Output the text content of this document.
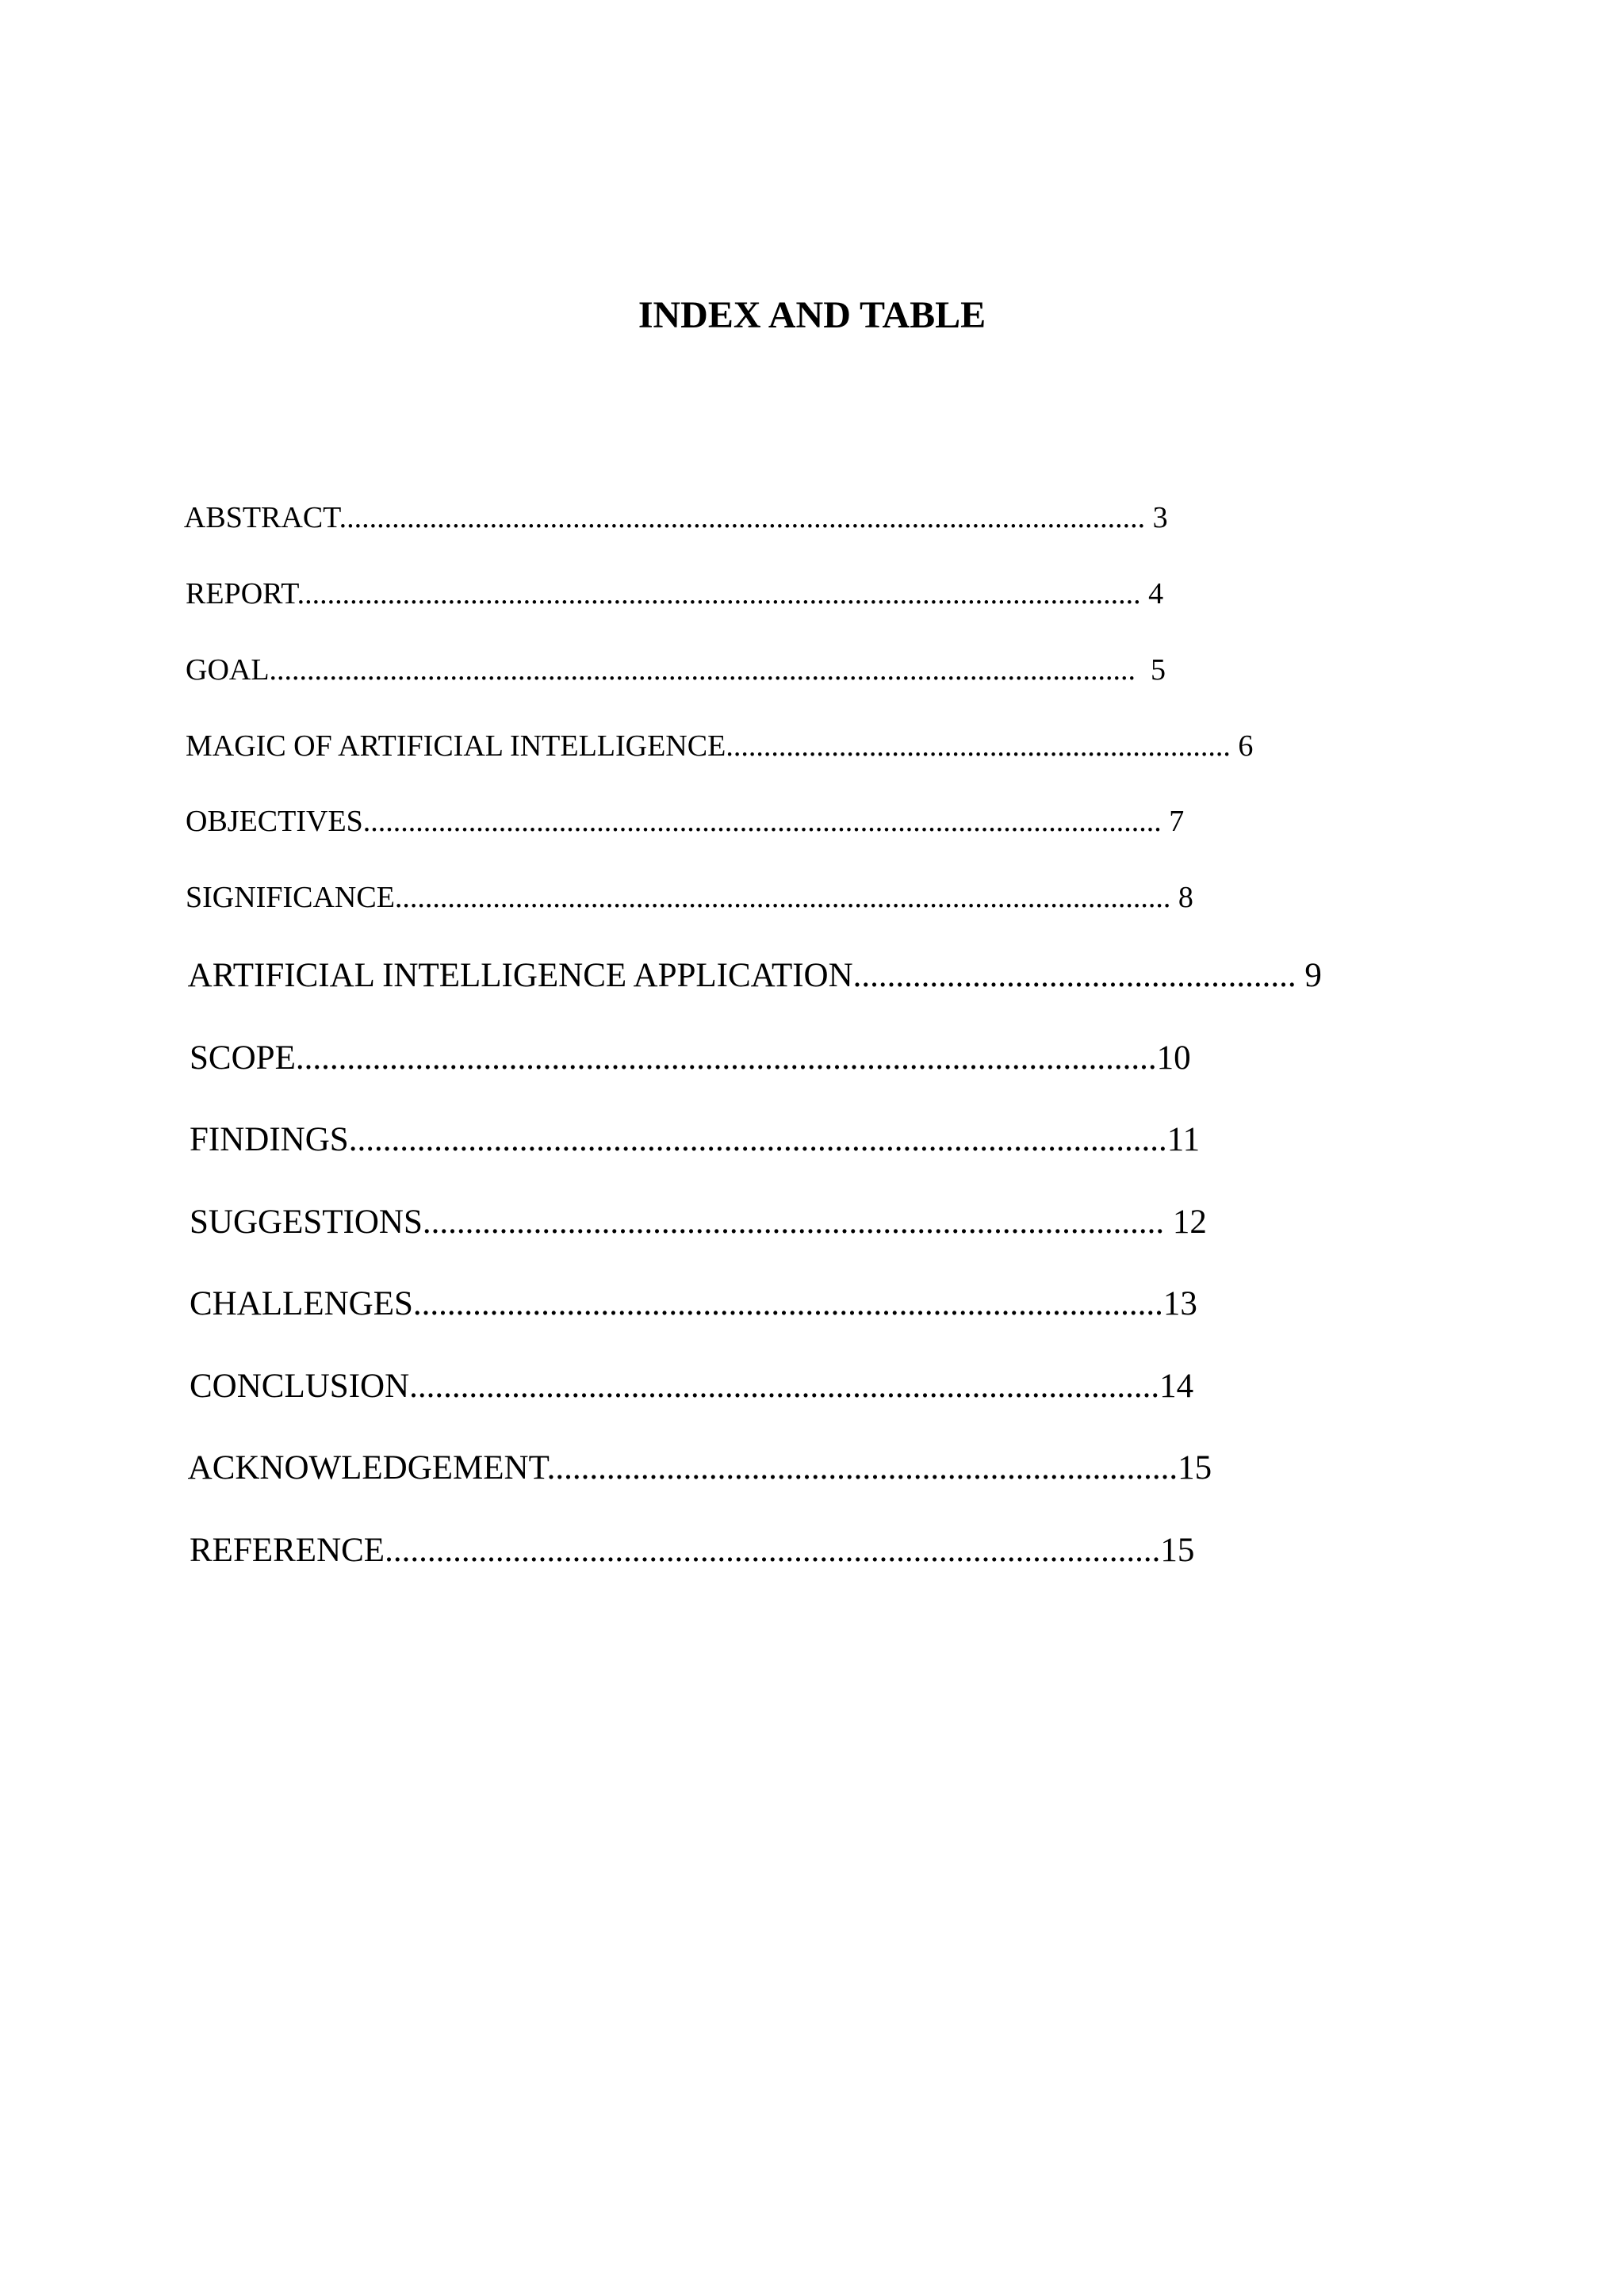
INDEX AND TABLE

ABSTRACT........................................................................................................... 3

REPORT................................................................................................................ 4

GOAL...................................................................................................................  5

MAGIC OF ARTIFICIAL INTELLIGENCE................................................................... 6

OBJECTIVES.......................................................................................................... 7

SIGNIFICANCE....................................................................................................... 8

ARTIFICIAL INTELLIGENCE APPLICATION.................................................... 9

SCOPE.....................................................................................................10

FINDINGS................................................................................................11

SUGGESTIONS....................................................................................... 12

CHALLENGES........................................................................................13

CONCLUSION........................................................................................14

ACKNOWLEDGEMENT..........................................................................15

REFERENCE...........................................................................................15
